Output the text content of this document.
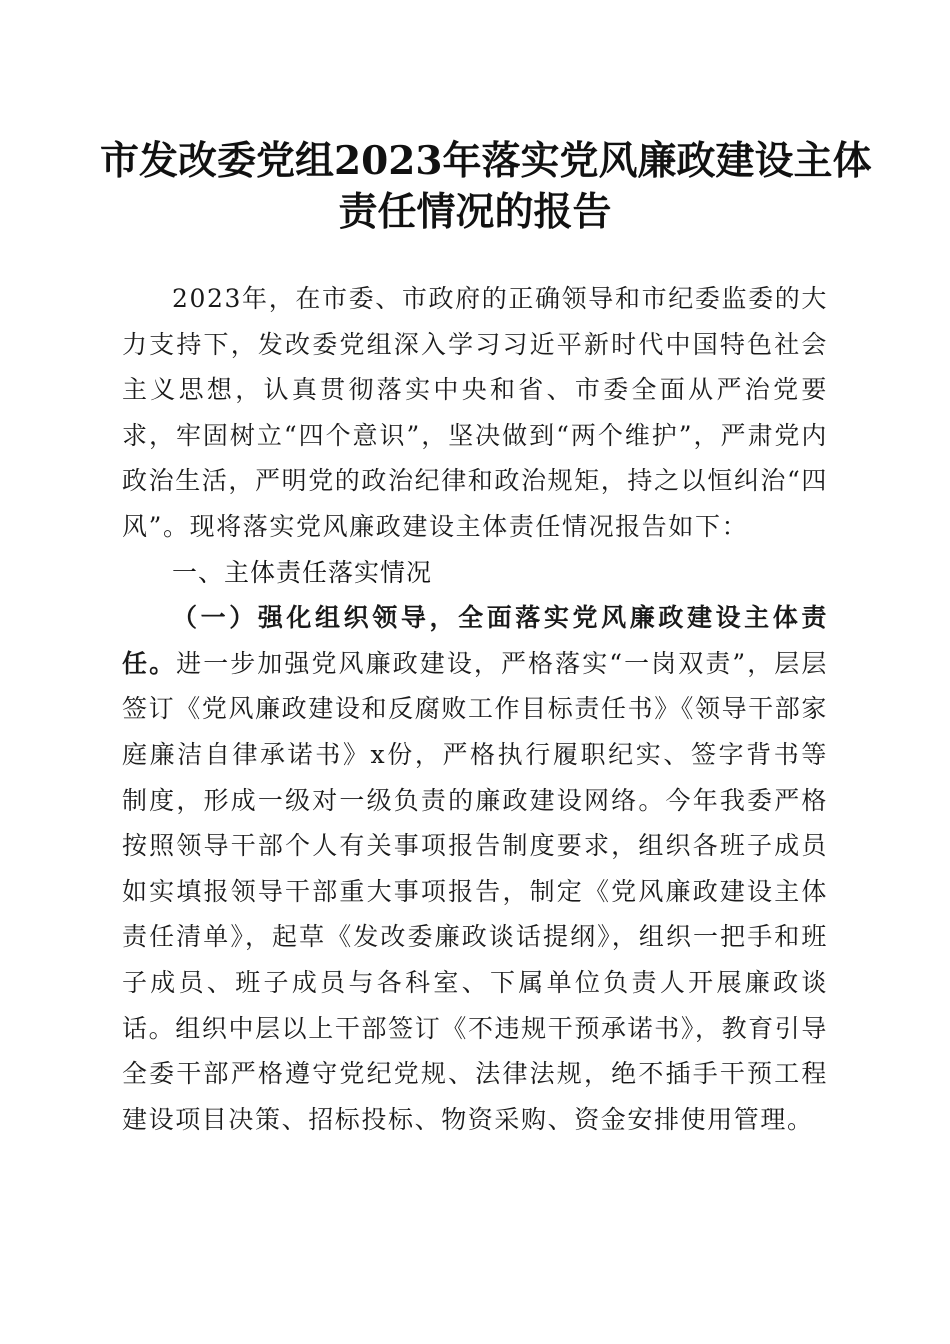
市发改委党组2023年落实党风廉政建设主体
责任情况的报告

2023年，在市委、市政府的正确领导和市纪委监委的大力支持下，发改委党组深入学习习近平新时代中国特色社会主义思想，认真贯彻落实中央和省、市委全面从严治党要求，牢固树立“四个意识”，坚决做到“两个维护”，严肃党内政治生活，严明党的政治纪律和政治规矩，持之以恒纠治“四风”。现将落实党风廉政建设主体责任情况报告如下：

一、主体责任落实情况

（一）强化组织领导，全面落实党风廉政建设主体责任。进一步加强党风廉政建设，严格落实“一岗双责”，层层签订《党风廉政建设和反腐败工作目标责任书》《领导干部家庭廉洁自律承诺书》x份，严格执行履职纪实、签字背书等制度，形成一级对一级负责的廉政建设网络。今年我委严格按照领导干部个人有关事项报告制度要求，组织各班子成员如实填报领导干部重大事项报告，制定《党风廉政建设主体责任清单》，起草《发改委廉政谈话提纲》，组织一把手和班子成员、班子成员与各科室、下属单位负责人开展廉政谈话。组织中层以上干部签订《不违规干预承诺书》，教育引导全委干部严格遵守党纪党规、法律法规，绝不插手干预工程建设项目决策、招标投标、物资采购、资金安排使用管理。
